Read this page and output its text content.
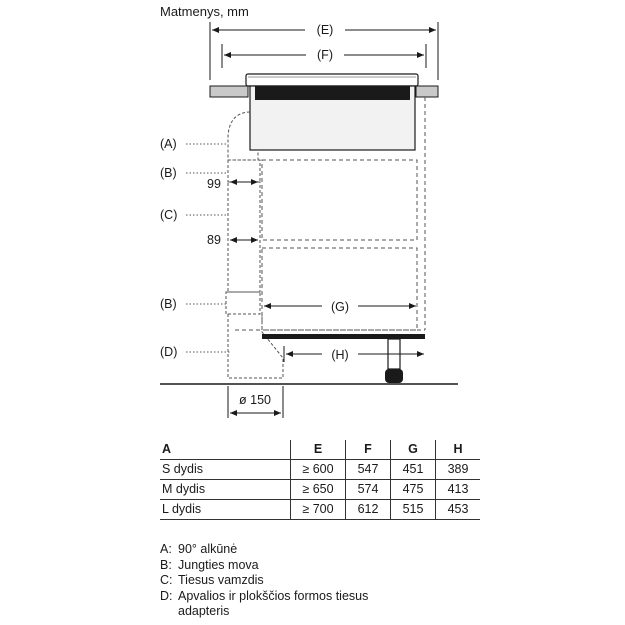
Matmenys, mm
(E)
(F)
(G)
(H)
99
89
(A)
(B)
(C)
(B)
(D)
ø 150
A	E	F	G	H
S dydis	≥ 600	547	451	389
M dydis	≥ 650	574	475	413
L dydis	≥ 700	612	515	453
A: 90° alkūnė
B: Jungties mova
C: Tiesus vamzdis
D: Apvalios ir plokščios formos tiesus
adapteris
